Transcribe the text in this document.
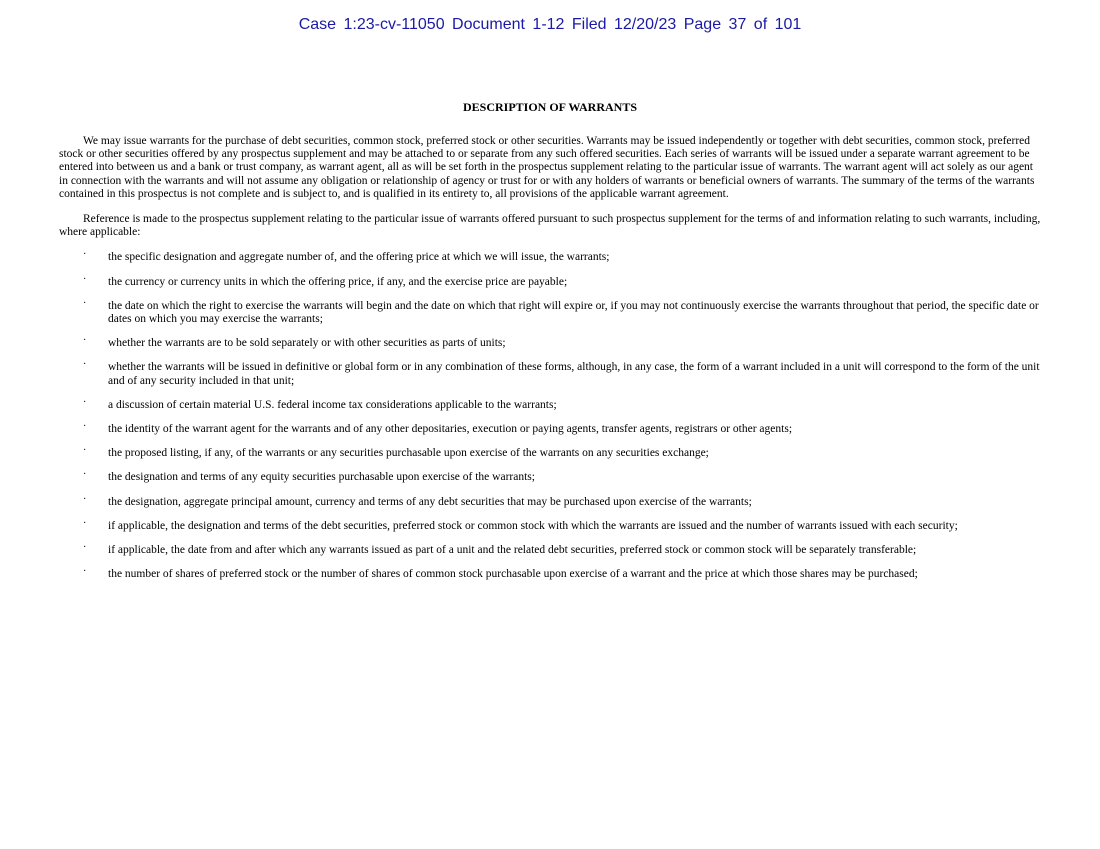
Case 1:23-cv-11050 Document 1-12 Filed 12/20/23 Page 37 of 101
DESCRIPTION OF WARRANTS

We may issue warrants for the purchase of debt securities, common stock, preferred stock or other securities. Warrants may be issued independently or together with debt securities, common stock, preferred stock or other securities offered by any prospectus supplement and may be attached to or separate from any such offered securities. Each series of warrants will be issued under a separate warrant agreement to be entered into between us and a bank or trust company, as warrant agent, all as will be set forth in the prospectus supplement relating to the particular issue of warrants. The warrant agent will act solely as our agent in connection with the warrants and will not assume any obligation or relationship of agency or trust for or with any holders of warrants or beneficial owners of warrants. The summary of the terms of the warrants contained in this prospectus is not complete and is subject to, and is qualified in its entirety to, all provisions of the applicable warrant agreement.

Reference is made to the prospectus supplement relating to the particular issue of warrants offered pursuant to such prospectus supplement for the terms of and information relating to such warrants, including, where applicable:

· the specific designation and aggregate number of, and the offering price at which we will issue, the warrants;
· the currency or currency units in which the offering price, if any, and the exercise price are payable;
· the date on which the right to exercise the warrants will begin and the date on which that right will expire or, if you may not continuously exercise the warrants throughout that period, the specific date or dates on which you may exercise the warrants;
· whether the warrants are to be sold separately or with other securities as parts of units;
· whether the warrants will be issued in definitive or global form or in any combination of these forms, although, in any case, the form of a warrant included in a unit will correspond to the form of the unit and of any security included in that unit;
· a discussion of certain material U.S. federal income tax considerations applicable to the warrants;
· the identity of the warrant agent for the warrants and of any other depositaries, execution or paying agents, transfer agents, registrars or other agents;
· the proposed listing, if any, of the warrants or any securities purchasable upon exercise of the warrants on any securities exchange;
· the designation and terms of any equity securities purchasable upon exercise of the warrants;
· the designation, aggregate principal amount, currency and terms of any debt securities that may be purchased upon exercise of the warrants;
· if applicable, the designation and terms of the debt securities, preferred stock or common stock with which the warrants are issued and the number of warrants issued with each security;
· if applicable, the date from and after which any warrants issued as part of a unit and the related debt securities, preferred stock or common stock will be separately transferable;
· the number of shares of preferred stock or the number of shares of common stock purchasable upon exercise of a warrant and the price at which those shares may be purchased;
